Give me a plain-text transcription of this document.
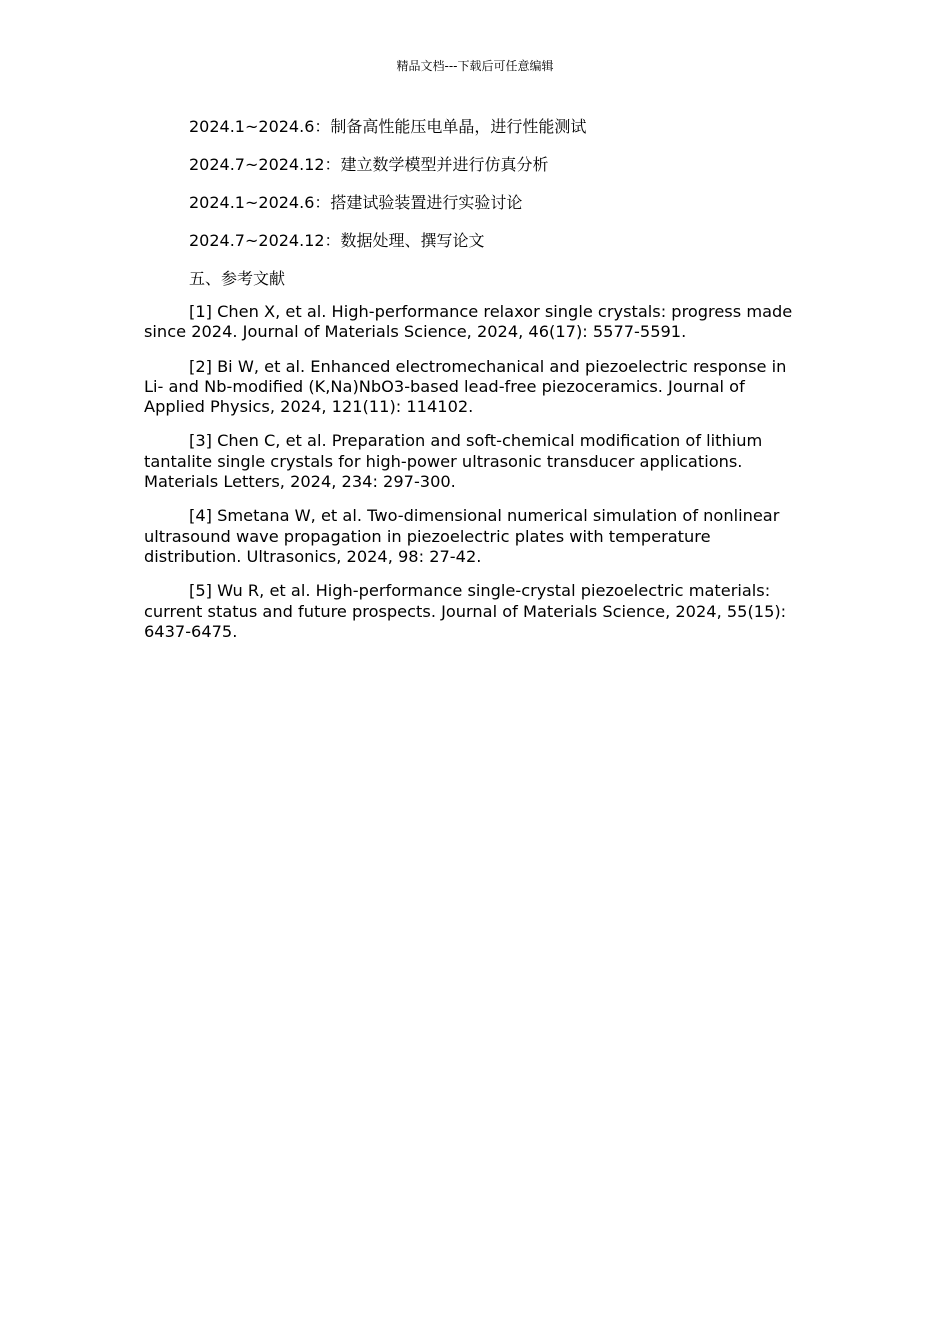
精品文档---下载后可任意编辑

2024.1~2024.6：制备高性能压电单晶，进行性能测试

2024.7~2024.12：建立数学模型并进行仿真分析

2024.1~2024.6：搭建试验装置进行实验讨论

2024.7~2024.12：数据处理、撰写论文

五、参考文献

[1] Chen X, et al. High-performance relaxor single crystals: progress made since 2024. Journal of Materials Science, 2024, 46(17): 5577-5591.

[2] Bi W, et al. Enhanced electromechanical and piezoelectric response in Li- and Nb-modified (K,Na)NbO3-based lead-free piezoceramics. Journal of Applied Physics, 2024, 121(11): 114102.

[3] Chen C, et al. Preparation and soft-chemical modification of lithium tantalite single crystals for high-power ultrasonic transducer applications. Materials Letters, 2024, 234: 297-300.

[4] Smetana W, et al. Two-dimensional numerical simulation of nonlinear ultrasound wave propagation in piezoelectric plates with temperature distribution. Ultrasonics, 2024, 98: 27-42.

[5] Wu R, et al. High-performance single-crystal piezoelectric materials: current status and future prospects. Journal of Materials Science, 2024, 55(15): 6437-6475.
